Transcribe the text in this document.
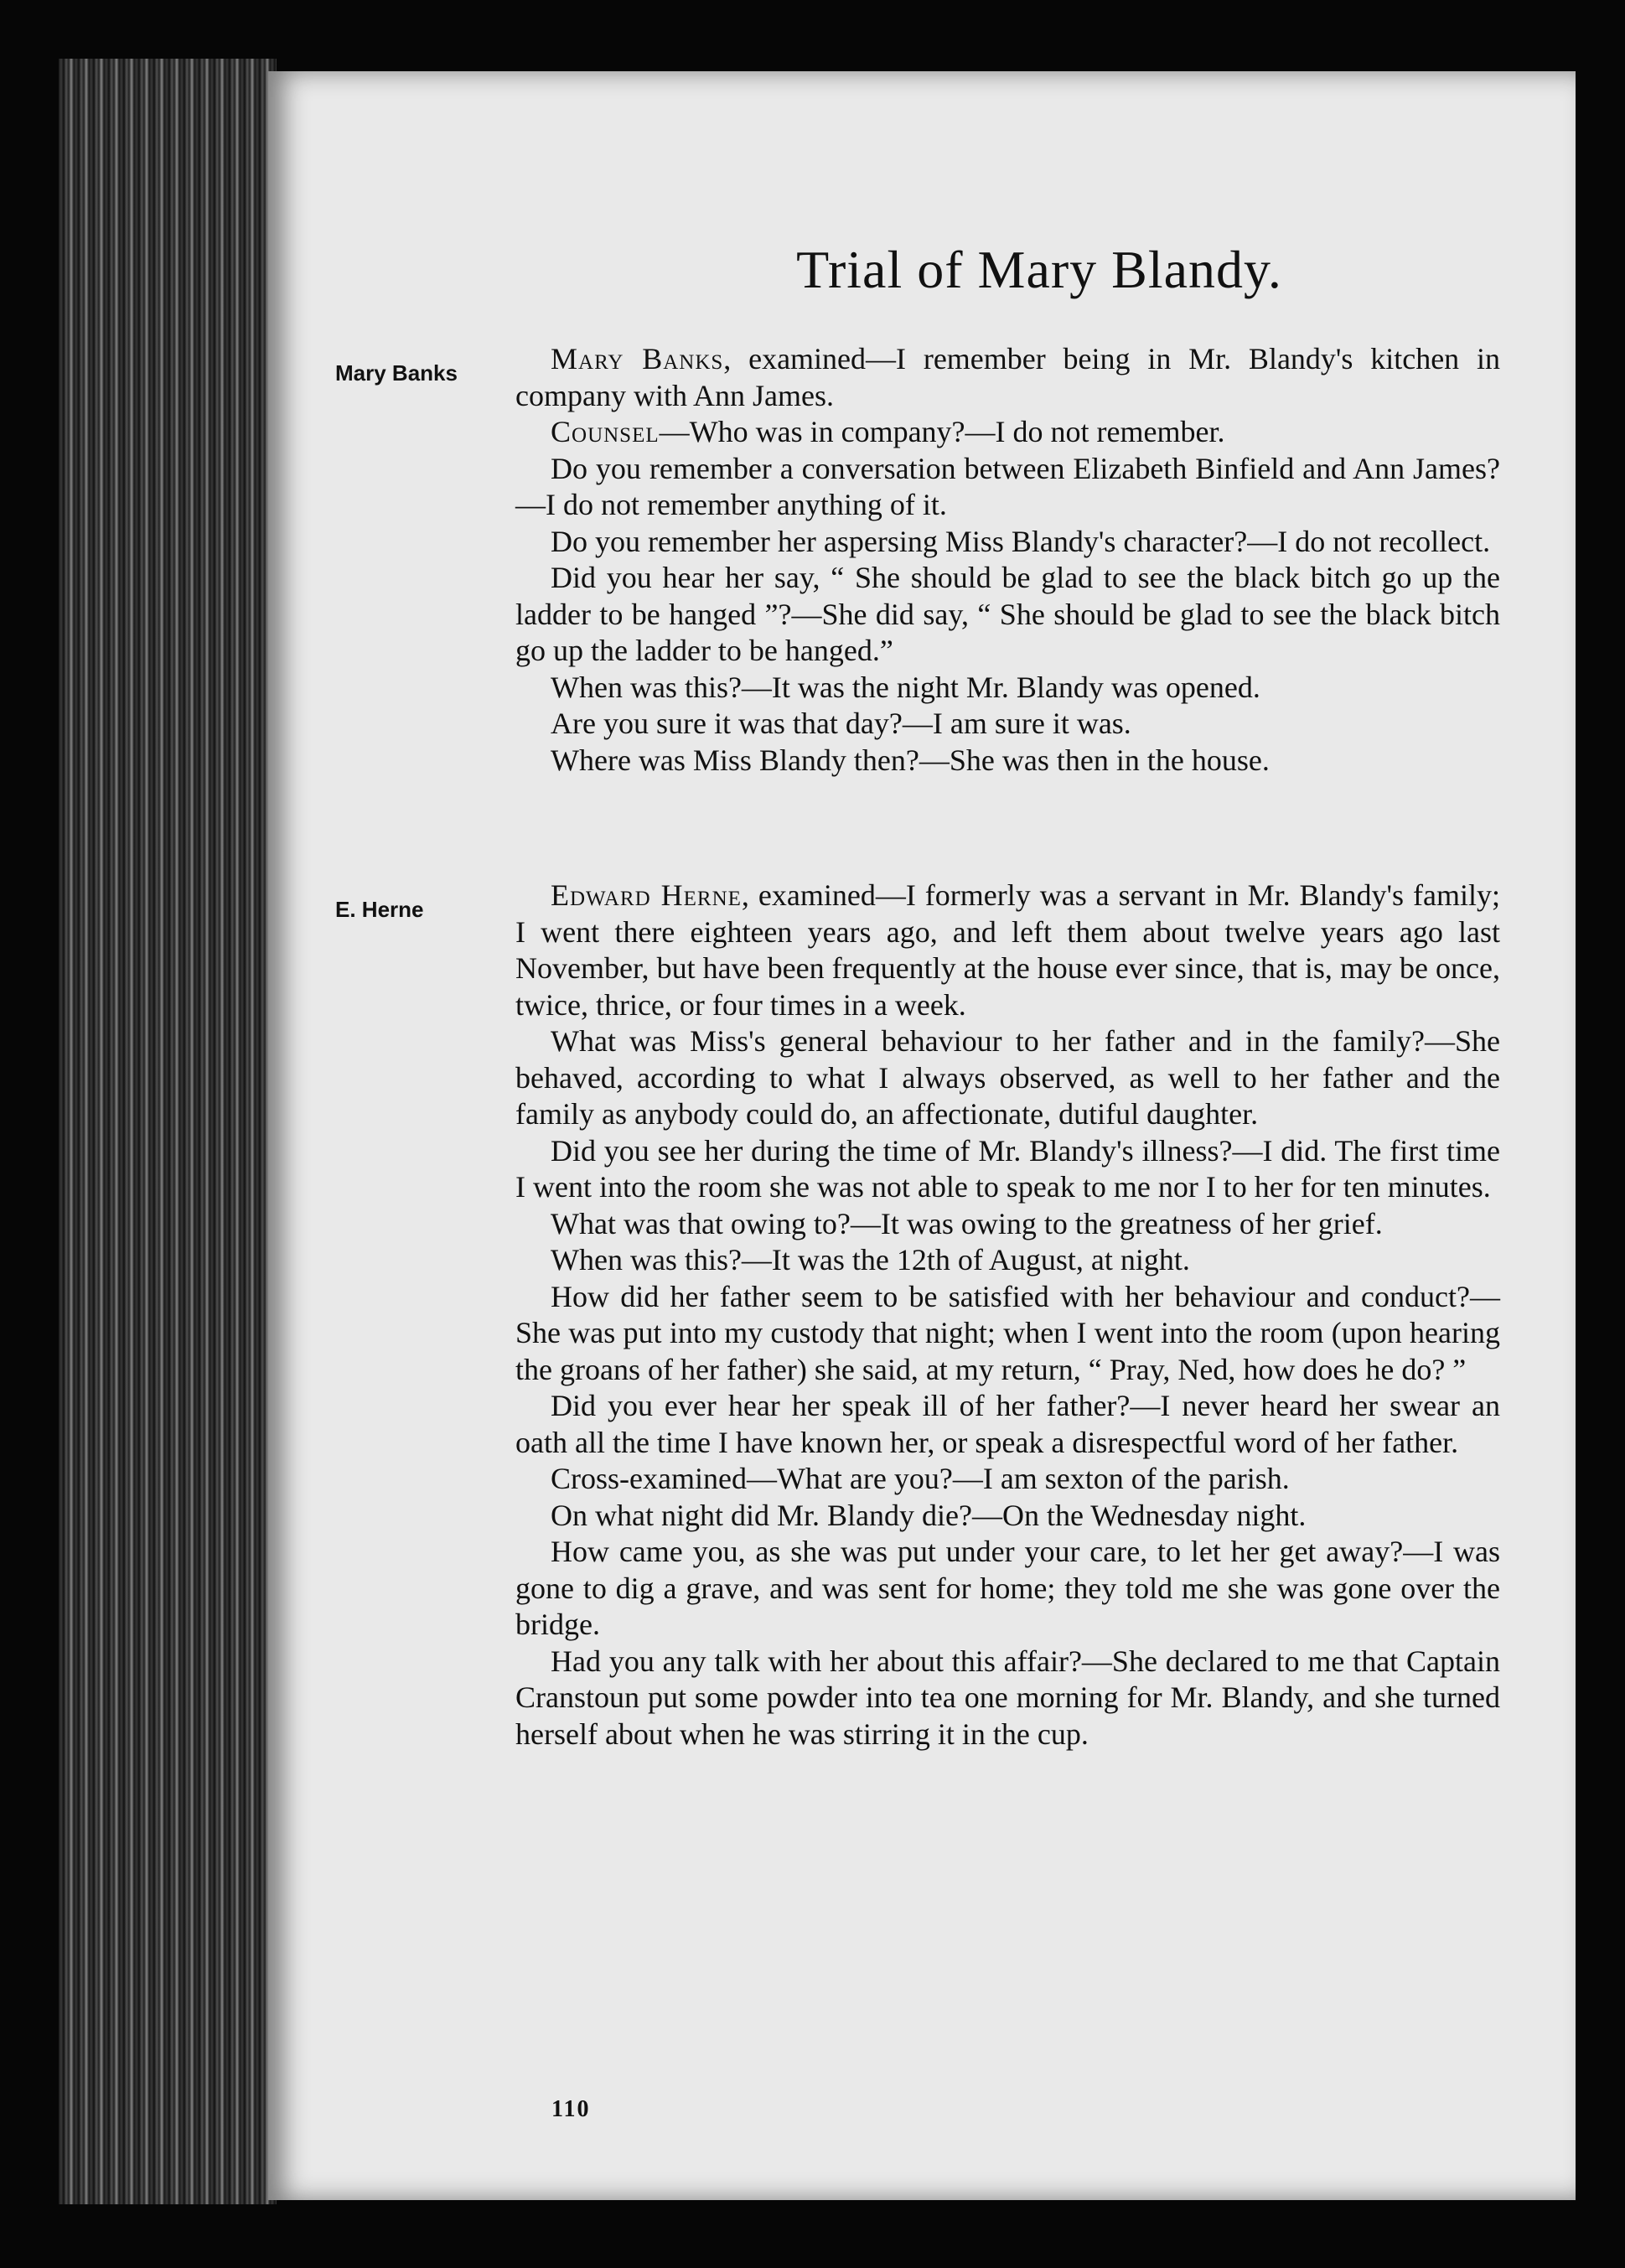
Trial of Mary Blandy.
Mary Banks	Mary Banks, examined—I remember being in Mr. Blandy's kitchen in company with Ann James.

Counsel—Who was in company?—I do not remember.

Do you remember a conversation between Elizabeth Binfield and Ann James?—I do not remember anything of it.

Do you remember her aspersing Miss Blandy's character?—I do not recollect.

Did you hear her say, “ She should be glad to see the black bitch go up the ladder to be hanged ”?—She did say, “ She should be glad to see the black bitch go up the ladder to be hanged.”

When was this?—It was the night Mr. Blandy was opened.

Are you sure it was that day?—I am sure it was.

Where was Miss Blandy then?—She was then in the house.

E. Herne	Edward Herne, examined—I formerly was a servant in Mr. Blandy's family; I went there eighteen years ago, and left them about twelve years ago last November, but have been frequently at the house ever since, that is, may be once, twice, thrice, or four times in a week.

What was Miss's general behaviour to her father and in the family?—She behaved, according to what I always observed, as well to her father and the family as anybody could do, an affectionate, dutiful daughter.

Did you see her during the time of Mr. Blandy's illness?—I did. The first time I went into the room she was not able to speak to me nor I to her for ten minutes.

What was that owing to?—It was owing to the greatness of her grief.

When was this?—It was the 12th of August, at night.

How did her father seem to be satisfied with her behaviour and conduct?—She was put into my custody that night; when I went into the room (upon hearing the groans of her father) she said, at my return, “ Pray, Ned, how does he do? ”

Did you ever hear her speak ill of her father?—I never heard her swear an oath all the time I have known her, or speak a disrespectful word of her father.

Cross-examined—What are you?—I am sexton of the parish.

On what night did Mr. Blandy die?—On the Wednesday night.

How came you, as she was put under your care, to let her get away?—I was gone to dig a grave, and was sent for home; they told me she was gone over the bridge.

Had you any talk with her about this affair?—She declared to me that Captain Cranstoun put some powder into tea one morning for Mr. Blandy, and she turned herself about when he was stirring it in the cup.

110
